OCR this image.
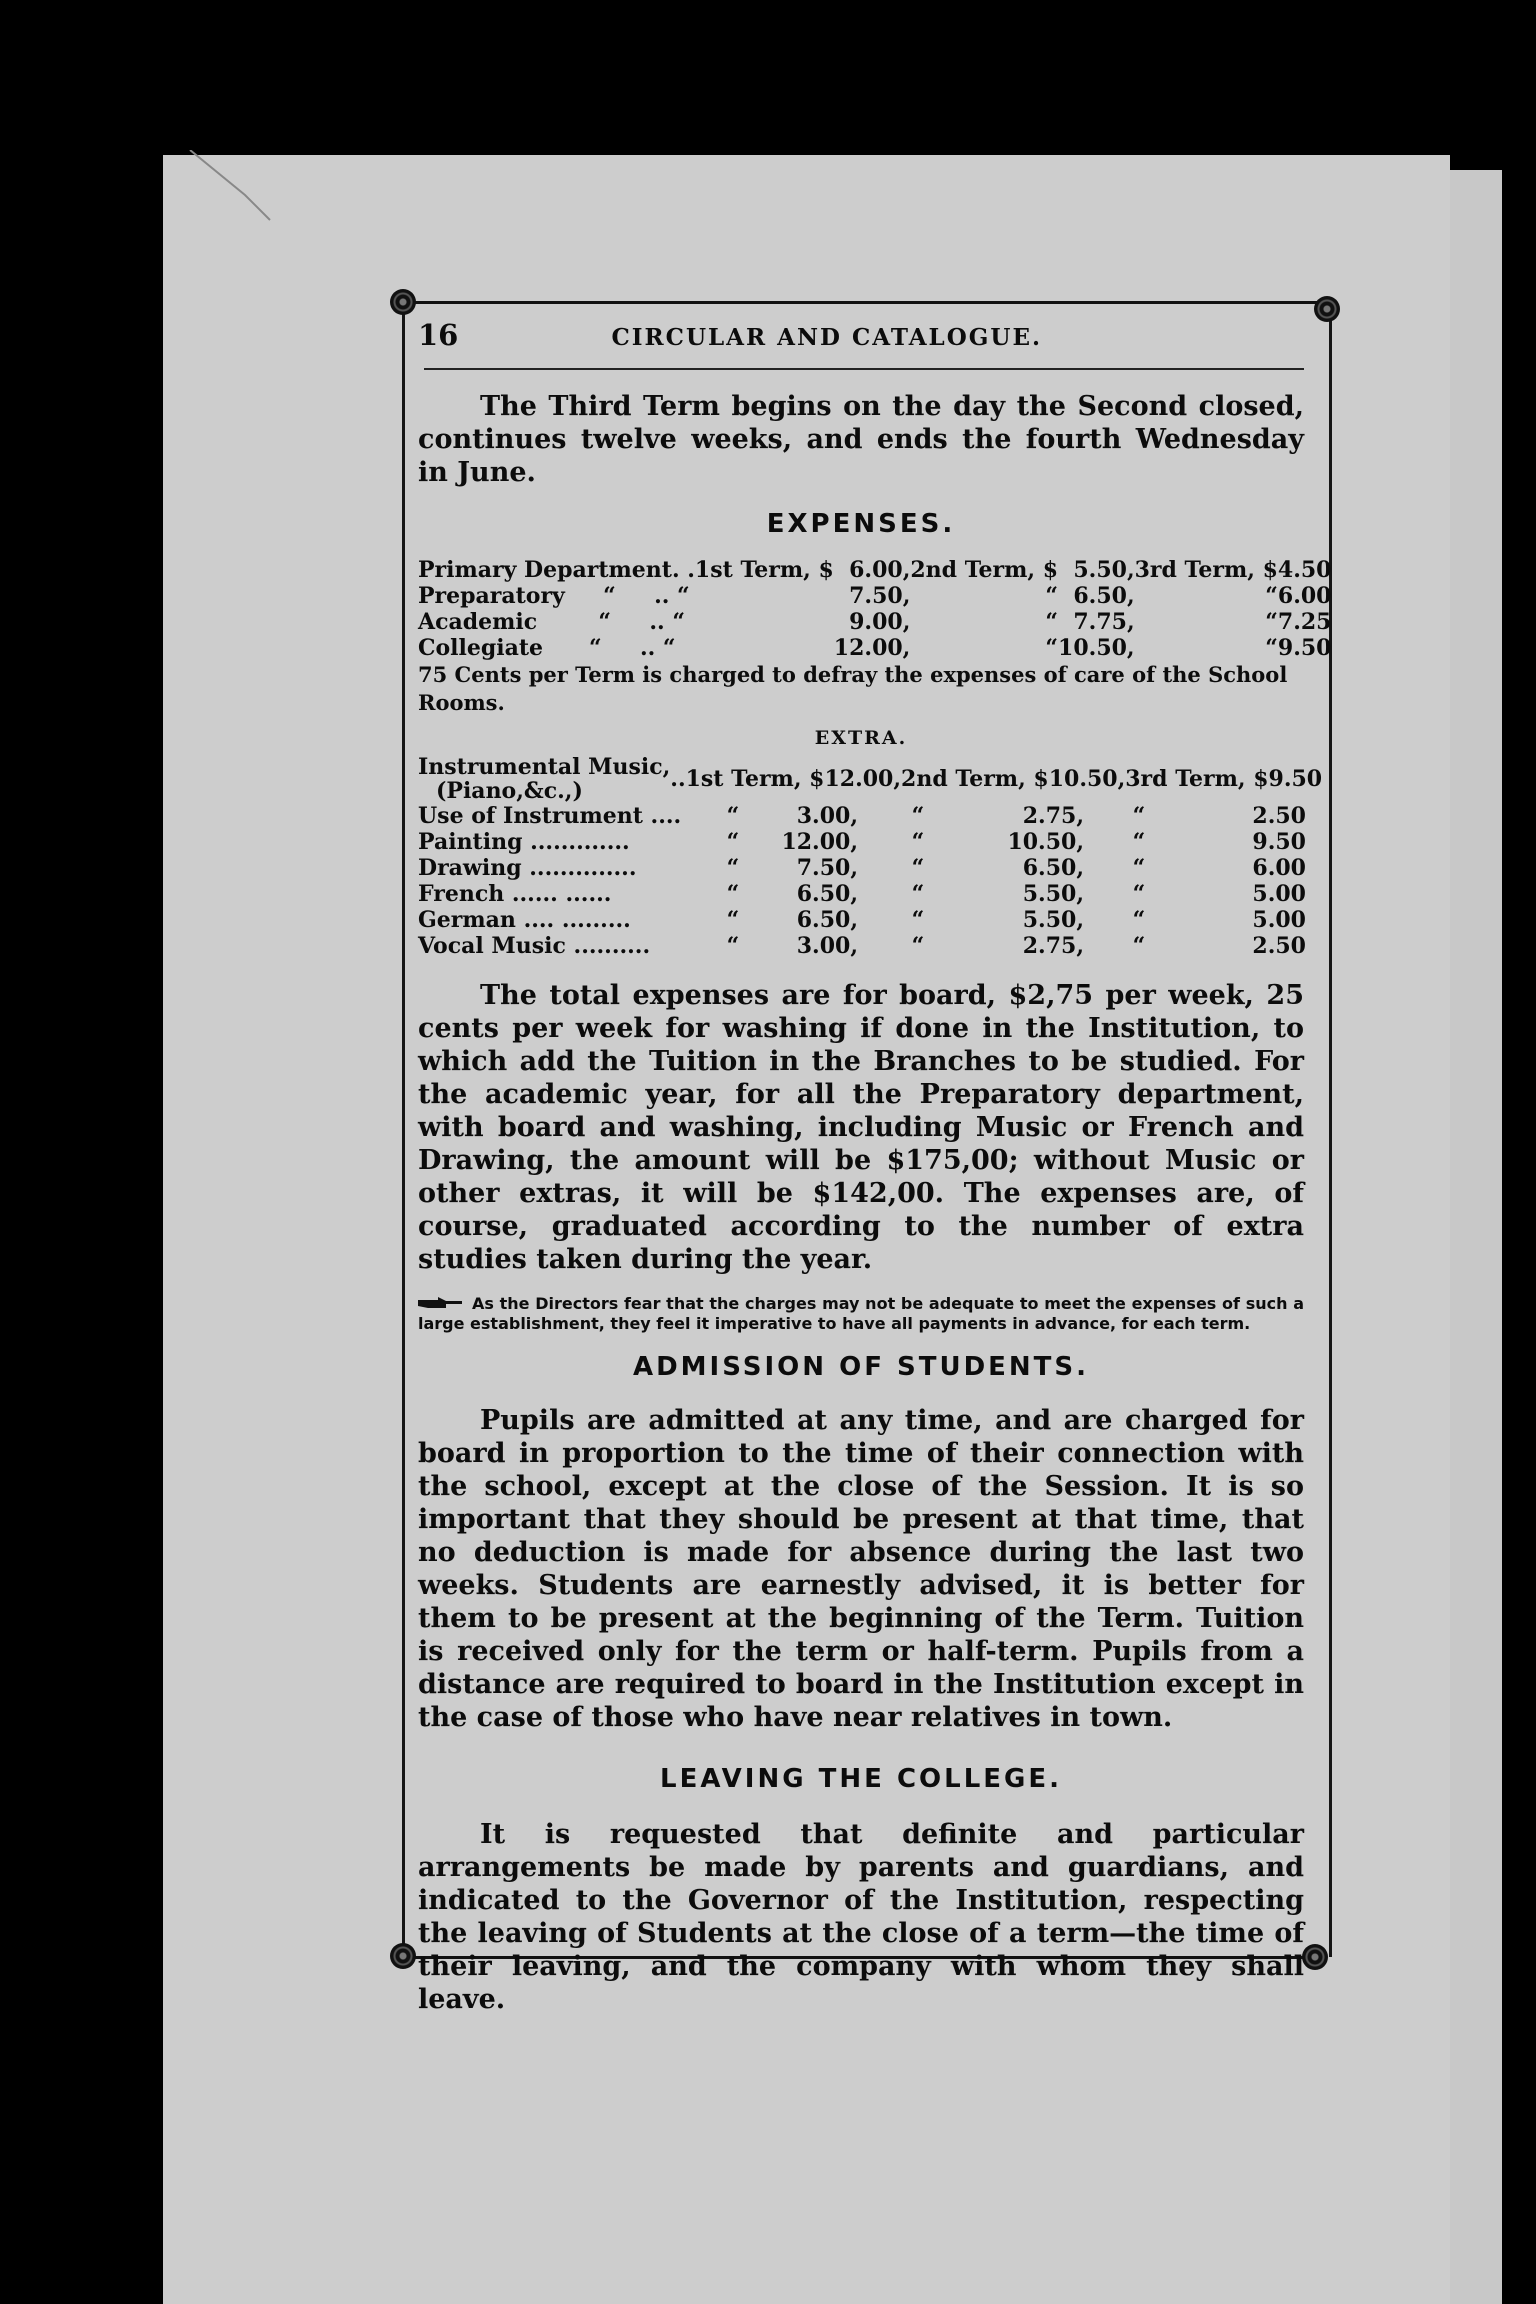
16	CIRCULAR AND CATALOGUE.

The Third Term begins on the day the Second closed, continues twelve weeks, and ends the fourth Wednesday in June.

EXPENSES.
Primary Department. .1st Term, $	6.00,	2nd Term, $	5.50,	3rd Term, $	4.50
Preparatory     “     .. “	7.50,	“	6.50,	“	6.00
Academic        “     .. “	9.00,	“	7.75,	“	7.25
Collegiate      “     .. “	12.00,	“	10.50,	“	9.50
75 Cents per Term is charged to defray the expenses of care of the School Rooms.
EXTRA.
Instrumental Music,
(Piano,&c.,)	..1st Term, $12.00,	2nd Term, $10.50,	3rd Term, $9.50
Use of Instrument ....	“	3.00,	“	2.75,	“	2.50
Painting .............	“	12.00,	“	10.50,	“	9.50
Drawing ..............	“	7.50,	“	6.50,	“	6.00
French ...... ......	“	6.50,	“	5.50,	“	5.00
German .... .........	“	6.50,	“	5.50,	“	5.00
Vocal Music ..........	“	3.00,	“	2.75,	“	2.50

The total expenses are for board, $2,75 per week, 25 cents per week for washing if done in the Institution, to which add the Tuition in the Branches to be studied. For the academic year, for all the Preparatory department, with board and washing, including Music or French and Drawing, the amount will be $175,00; without Music or other extras, it will be $142,00. The expenses are, of course, graduated according to the number of extra studies taken during the year.

As the Directors fear that the charges may not be adequate to meet the expenses of such a large establishment, they feel it imperative to have all payments in advance, for each term.
ADMISSION OF STUDENTS.

Pupils are admitted at any time, and are charged for board in proportion to the time of their connection with the school, except at the close of the Session. It is so important that they should be present at that time, that no deduction is made for absence during the last two weeks. Students are earnestly advised, it is better for them to be present at the beginning of the Term. Tuition is received only for the term or half-term. Pupils from a distance are required to board in the Institution except in the case of those who have near relatives in town.

LEAVING THE COLLEGE.

It is requested that definite and particular arrangements be made by parents and guardians, and indicated to the Governor of the Institution, respecting the leaving of Students at the close of a term—the time of their leaving, and the company with whom they shall leave.
